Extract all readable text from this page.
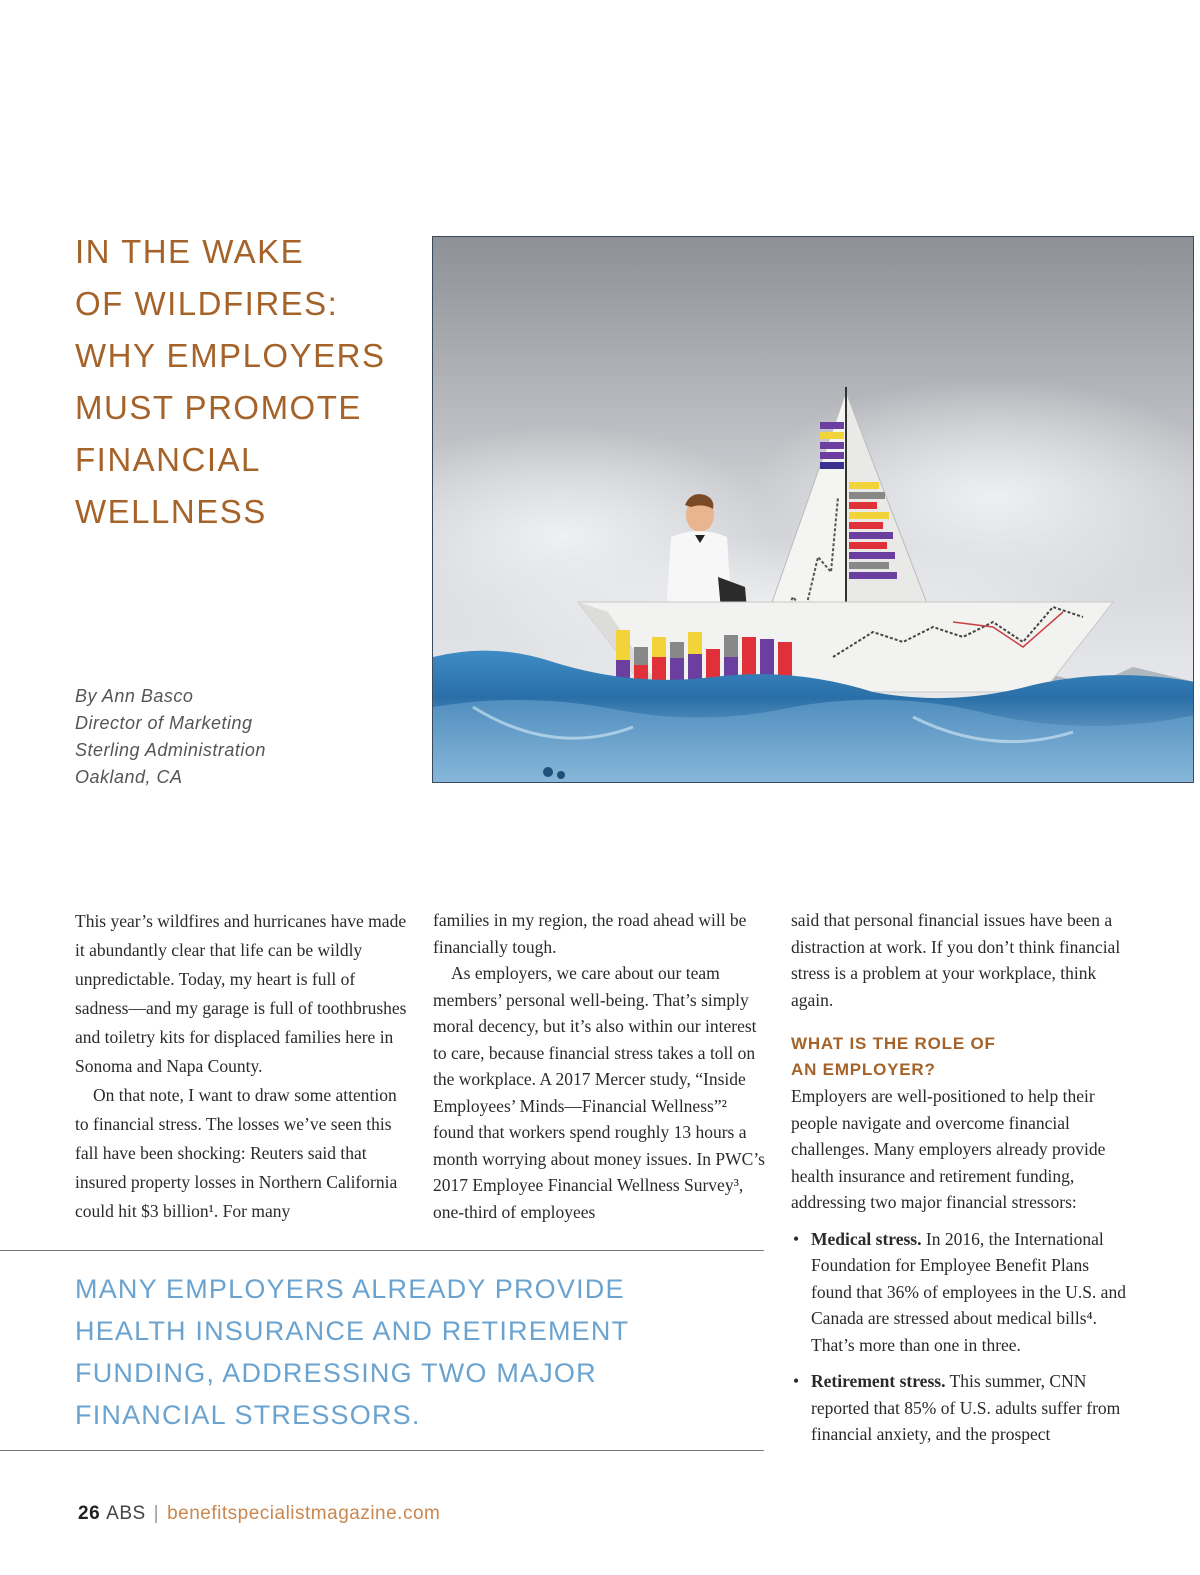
IN THE WAKE
OF WILDFIRES:
WHY EMPLOYERS
MUST PROMOTE
FINANCIAL
WELLNESS
By Ann Basco
Director of Marketing
Sterling Administration
Oakland, CA

This year’s wildfires and hurricanes have made it abundantly clear that life can be wildly unpredictable. Today, my heart is full of sadness—and my garage is full of toothbrushes and toiletry kits for displaced families here in Sonoma and Napa County.

On that note, I want to draw some attention to financial stress. The losses we’ve seen this fall have been shocking: Reuters said that insured property losses in Northern California could hit $3 billion¹. For many

families in my region, the road ahead will be financially tough.

As employers, we care about our team members’ personal well-being. That’s simply moral decency, but it’s also within our interest to care, because financial stress takes a toll on the workplace. A 2017 Mercer study, “Inside Employees’ Minds—Financial Wellness”² found that workers spend roughly 13 hours a month worrying about money issues. In PWC’s 2017 Employee Financial Wellness Survey³, one-third of employees

said that personal financial issues have been a distraction at work. If you don’t think financial stress is a problem at your workplace, think again.

WHAT IS THE ROLE OF
AN EMPLOYER?

Employers are well-positioned to help their people navigate and overcome financial challenges. Many employers already provide health insurance and retirement funding, addressing two major financial stressors:

• Medical stress. In 2016, the International Foundation for Employee Benefit Plans found that 36% of employees in the U.S. and Canada are stressed about medical bills⁴. That’s more than one in three.
• Retirement stress. This summer, CNN reported that 85% of U.S. adults suffer from financial anxiety, and the prospect
MANY EMPLOYERS ALREADY PROVIDE
HEALTH INSURANCE AND RETIREMENT
FUNDING, ADDRESSING TWO MAJOR
FINANCIAL STRESSORS.
26 ABS | benefitspecialistmagazine.com
